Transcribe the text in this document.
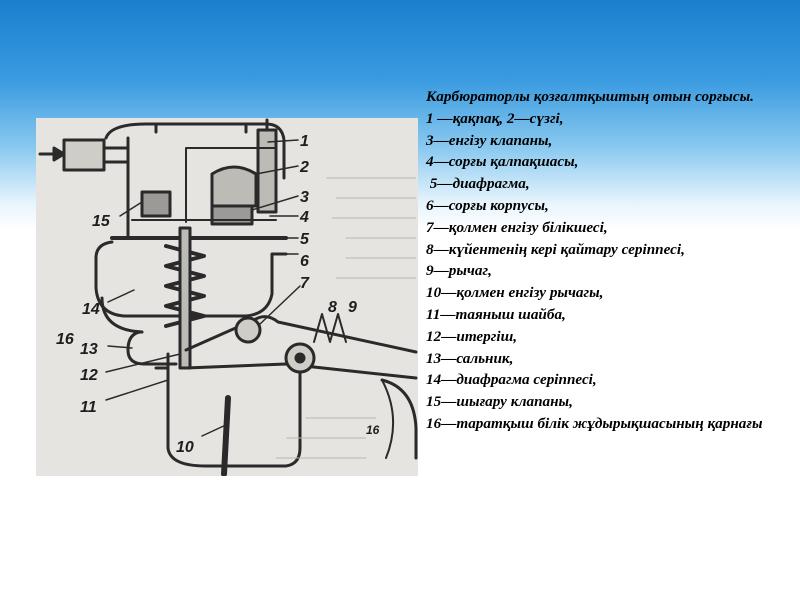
1
2
3
4
5
6
7
8 9
10
11
12
13
14
15
16
16
Карбюраторлы қозғалтқыштың отын сорғысы.
1 —қақпақ, 2—сүзгі,
3—енгізу клапаны,
4—сорғы қалпақшасы,
5—диафрагма,
6—сорғы корпусы,
7—қолмен енгізу білікшесі,
8—күйентенің кері қайтару серіппесі,
9—рычаг,
10—қолмен енгізу рычагы,
11—таяныш шайба,
12—итергіш,
13—сальник,
14—диафрагма серіппесі,
15—шығару клапаны,
16—таратқыш білік жұдырықшасының қарнағы
